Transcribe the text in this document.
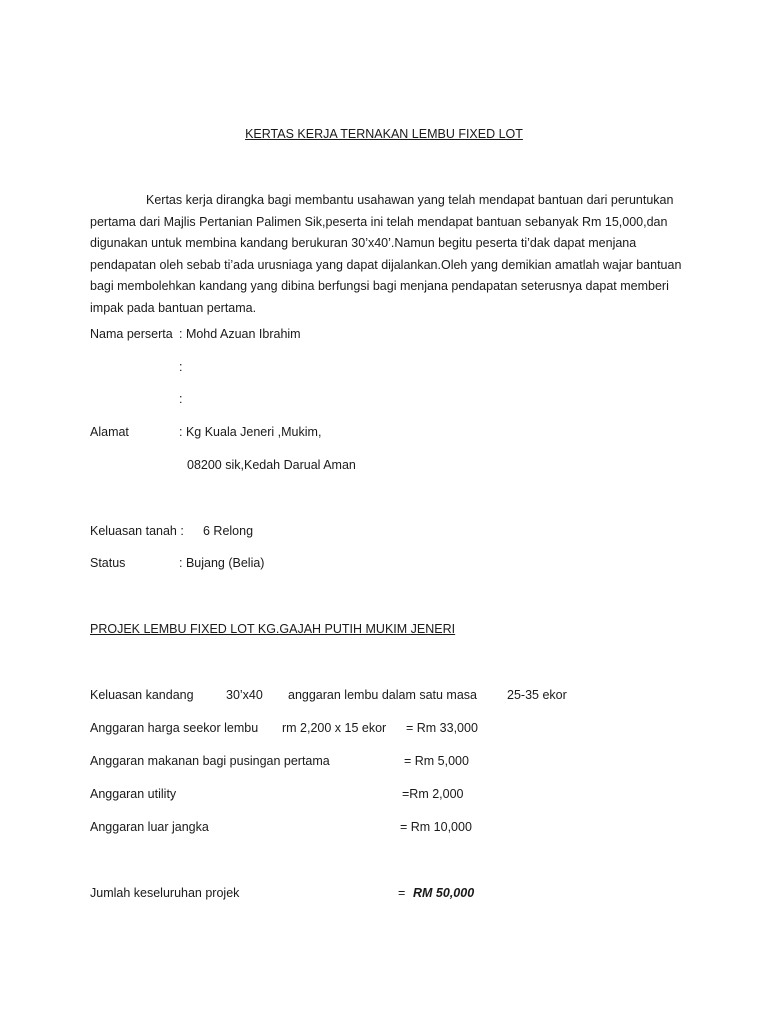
KERTAS KERJA TERNAKAN LEMBU FIXED LOT

Kertas kerja dirangka bagi membantu usahawan yang telah mendapat bantuan dari peruntukan pertama dari Majlis Pertanian Palimen Sik,peserta ini telah mendapat bantuan sebanyak Rm 15,000,dan digunakan untuk membina kandang berukuran 30’x40’.Namun begitu peserta ti’dak dapat menjana pendapatan oleh sebab ti’ada urusniaga yang dapat dijalankan.Oleh yang demikian amatlah wajar bantuan bagi membolehkan kandang yang dibina berfungsi bagi menjana pendapatan seterusnya dapat memberi impak pada bantuan pertama.

Nama perserta : Mohd Azuan Ibrahim
:
:
Alamat	: Kg Kuala Jeneri ,Mukim,
08200 sik,Kedah Darual Aman
Keluasan tanah : 6 Relong
Status	: Bujang (Belia)
PROJEK LEMBU FIXED LOT KG.GAJAH PUTIH MUKIM JENERI
Keluasan kandang	30’x40 anggaran lembu dalam satu masa 25-35 ekor
Anggaran harga seekor lembu rm 2,200 x 15 ekor = Rm 33,000
Anggaran makanan bagi pusingan pertama	= Rm 5,000
Anggaran utility	=Rm 2,000
Anggaran luar jangka	= Rm 10,000
Jumlah keseluruhan projek	= RM 50,000
